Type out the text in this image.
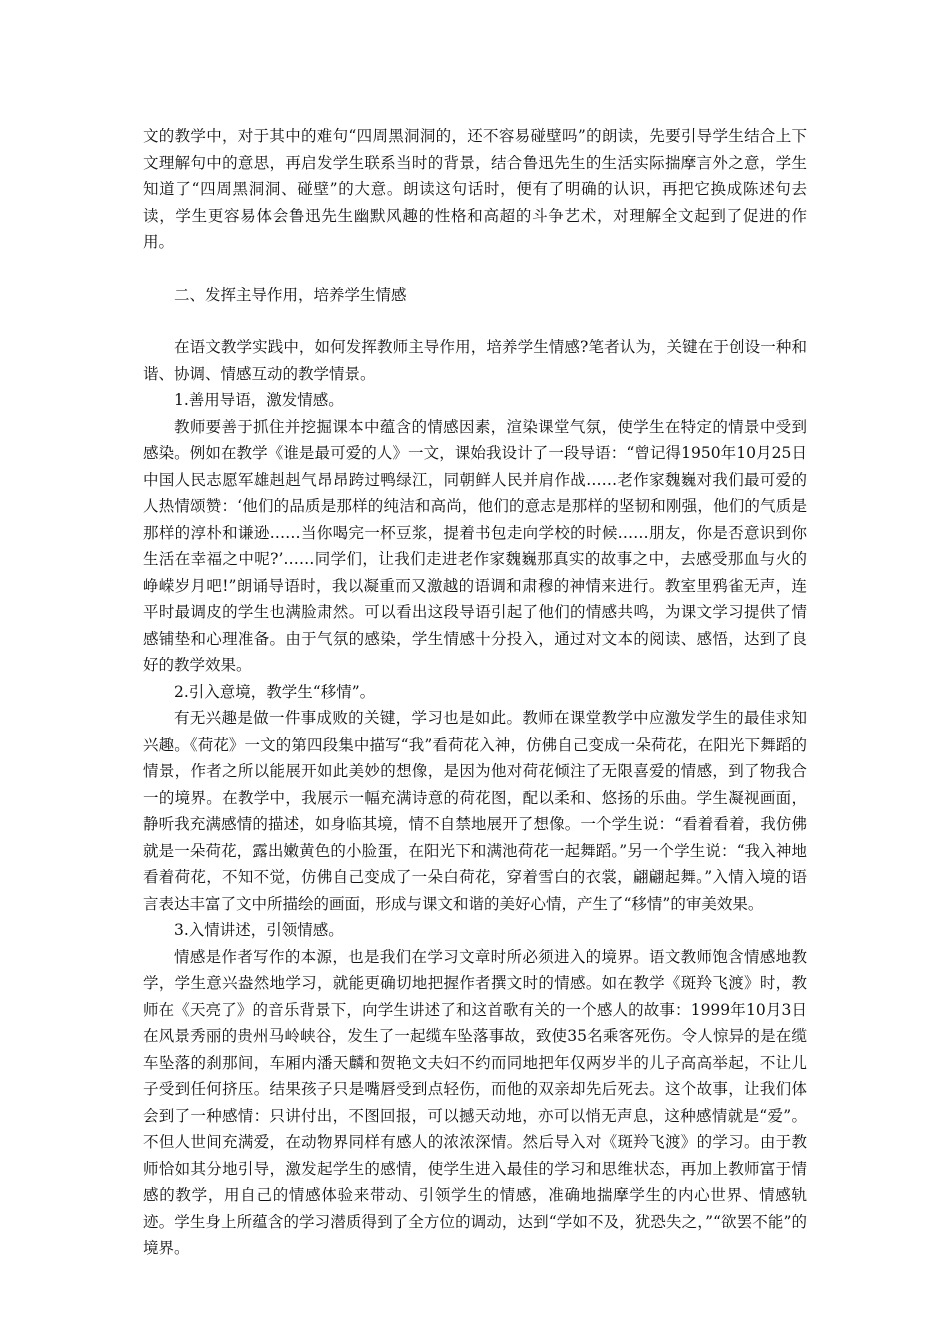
文的教学中，对于其中的难句“四周黑洞洞的，还不容易碰壁吗”的朗读，先要引导学生结合上下文理解句中的意思，再启发学生联系当时的背景，结合鲁迅先生的生活实际揣摩言外之意，学生知道了“四周黑洞洞、碰壁”的大意。朗读这句话时，便有了明确的认识，再把它换成陈述句去读，学生更容易体会鲁迅先生幽默风趣的性格和高超的斗争艺术，对理解全文起到了促进的作用。

二、发挥主导作用，培养学生情感

在语文教学实践中，如何发挥教师主导作用，培养学生情感?笔者认为，关键在于创设一种和谐、协调、情感互动的教学情景。

1.善用导语，激发情感。

教师要善于抓住并挖掘课本中蕴含的情感因素，渲染课堂气氛，使学生在特定的情景中受到感染。例如在教学《谁是最可爱的人》一文，课始我设计了一段导语：“曾记得1950年10月25日中国人民志愿军雄赳赳气昂昂跨过鸭绿江，同朝鲜人民并肩作战……老作家魏巍对我们最可爱的人热情颂赞：‘他们的品质是那样的纯洁和高尚，他们的意志是那样的坚韧和刚强，他们的气质是那样的淳朴和谦逊……当你喝完一杯豆浆，提着书包走向学校的时候……朋友，你是否意识到你生活在幸福之中呢?’……同学们，让我们走进老作家魏巍那真实的故事之中，去感受那血与火的峥嵘岁月吧!”朗诵导语时，我以凝重而又激越的语调和肃穆的神情来进行。教室里鸦雀无声，连平时最调皮的学生也满脸肃然。可以看出这段导语引起了他们的情感共鸣，为课文学习提供了情感铺垫和心理准备。由于气氛的感染，学生情感十分投入，通过对文本的阅读、感悟，达到了良好的教学效果。

2.引入意境，教学生“移情”。

有无兴趣是做一件事成败的关键，学习也是如此。教师在课堂教学中应激发学生的最佳求知兴趣。《荷花》一文的第四段集中描写“我”看荷花入神，仿佛自己变成一朵荷花，在阳光下舞蹈的情景，作者之所以能展开如此美妙的想像，是因为他对荷花倾注了无限喜爱的情感，到了物我合一的境界。在教学中，我展示一幅充满诗意的荷花图，配以柔和、悠扬的乐曲。学生凝视画面，静听我充满感情的描述，如身临其境，情不自禁地展开了想像。一个学生说：“看着看着，我仿佛就是一朵荷花，露出嫩黄色的小脸蛋，在阳光下和满池荷花一起舞蹈。”另一个学生说：“我入神地看着荷花，不知不觉，仿佛自己变成了一朵白荷花，穿着雪白的衣裳，翩翩起舞。”入情入境的语言表达丰富了文中所描绘的画面，形成与课文和谐的美好心情，产生了“移情”的审美效果。

3.入情讲述，引领情感。

情感是作者写作的本源，也是我们在学习文章时所必须进入的境界。语文教师饱含情感地教学，学生意兴盎然地学习，就能更确切地把握作者撰文时的情感。如在教学《斑羚飞渡》时，教师在《天亮了》的音乐背景下，向学生讲述了和这首歌有关的一个感人的故事：1999年10月3日在风景秀丽的贵州马岭峡谷，发生了一起缆车坠落事故，致使35名乘客死伤。令人惊异的是在缆车坠落的刹那间，车厢内潘天麟和贺艳文夫妇不约而同地把年仅两岁半的儿子高高举起，不让儿子受到任何挤压。结果孩子只是嘴唇受到点轻伤，而他的双亲却先后死去。这个故事，让我们体会到了一种感情：只讲付出，不图回报，可以撼天动地，亦可以悄无声息，这种感情就是“爱”。不但人世间充满爱，在动物界同样有感人的浓浓深情。然后导入对《斑羚飞渡》的学习。由于教师恰如其分地引导，激发起学生的感情，使学生进入最佳的学习和思维状态，再加上教师富于情感的教学，用自己的情感体验来带动、引领学生的情感，准确地揣摩学生的内心世界、情感轨迹。学生身上所蕴含的学习潜质得到了全方位的调动，达到“学如不及，犹恐失之，”“欲罢不能”的境界。
